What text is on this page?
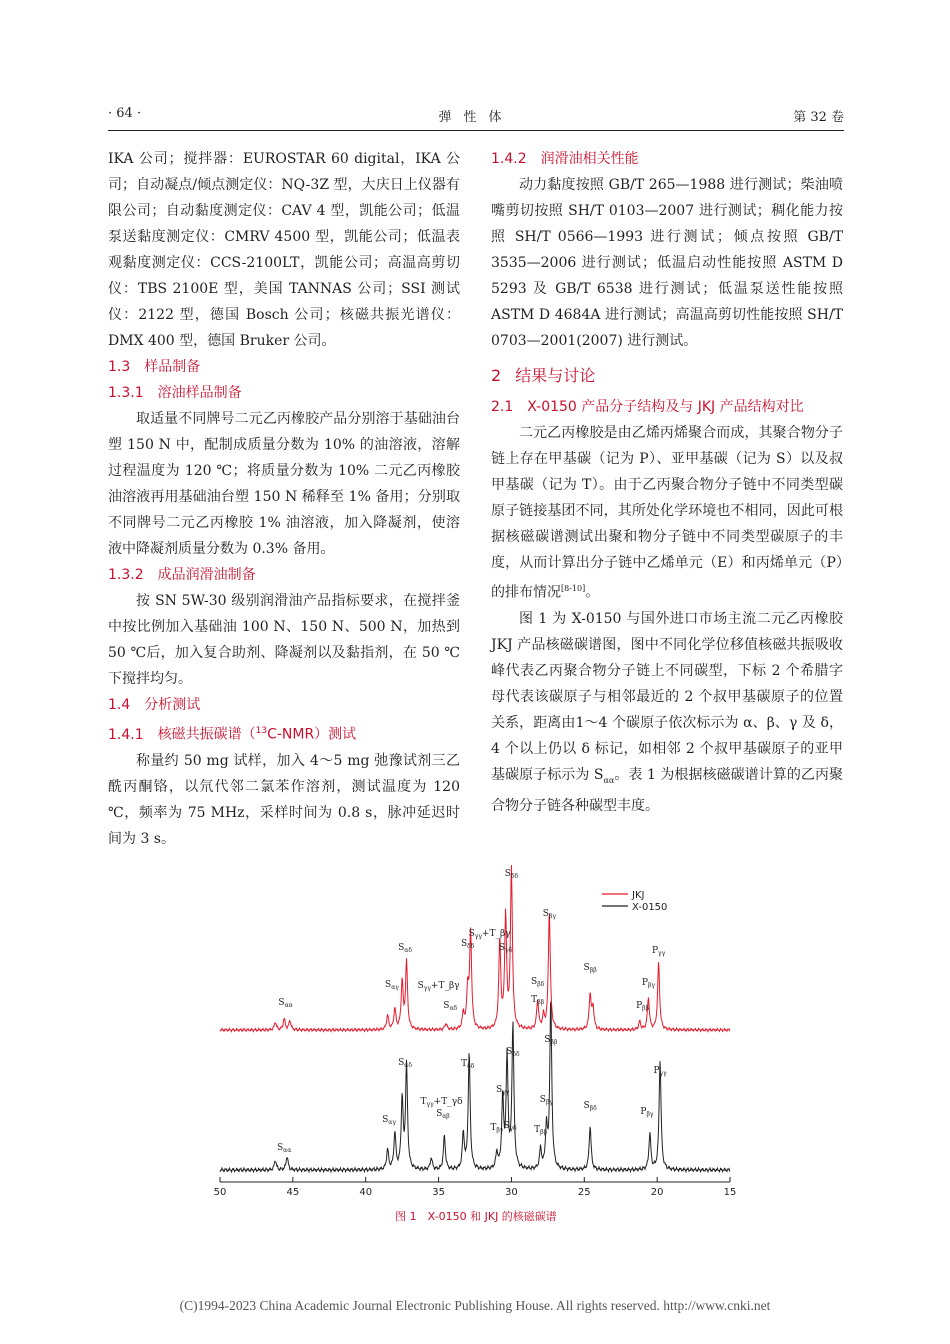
· 64 ·	弹性体	第 32 卷

IKA 公司；搅拌器：EUROSTAR 60 digital，IKA 公司；自动凝点/倾点测定仪：NQ-3Z 型，大庆日上仪器有限公司；自动黏度测定仪：CAV 4 型，凯能公司；低温泵送黏度测定仪：CMRV 4500 型，凯能公司；低温表观黏度测定仪：CCS-2100LT，凯能公司；高温高剪切仪：TBS 2100E 型，美国 TANNAS 公司；SSI 测试仪：2122 型，德国 Bosch 公司；核磁共振光谱仪：DMX 400 型，德国 Bruker 公司。

1.3 样品制备
1.3.1 溶油样品制备

取适量不同牌号二元乙丙橡胶产品分别溶于基础油台塑 150 N 中，配制成质量分数为 10% 的油溶液，溶解过程温度为 120 ℃；将质量分数为 10% 二元乙丙橡胶油溶液再用基础油台塑 150 N 稀释至 1% 备用；分别取不同牌号二元乙丙橡胶 1% 油溶液，加入降凝剂，使溶液中降凝剂质量分数为 0.3% 备用。

1.3.2 成品润滑油制备

按 SN 5W-30 级别润滑油产品指标要求，在搅拌釜中按比例加入基础油 100 N、150 N、500 N，加热到 50 ℃后，加入复合助剂、降凝剂以及黏指剂，在 50 ℃下搅拌均匀。

1.4 分析测试
1.4.1 核磁共振碳谱（$^{13}$C-NMR）测试

称量约 50 mg 试样，加入 4～5 mg 弛豫试剂三乙酰丙酮铬，以氘代邻二氯苯作溶剂，测试温度为 120 ℃，频率为 75 MHz，采样时间为 0.8 s，脉冲延迟时间为 3 s。

1.4.2 润滑油相关性能

动力黏度按照 GB/T 265—1988 进行测试；柴油喷嘴剪切按照 SH/T 0103—2007 进行测试；稠化能力按照 SH/T 0566—1993 进行测试；倾点按照 GB/T 3535—2006 进行测试；低温启动性能按照 ASTM D 5293 及 GB/T 6538 进行测试；低温泵送性能按照 ASTM D 4684A 进行测试；高温高剪切性能按照 SH/T 0703—2001(2007) 进行测试。

2 结果与讨论
2.1 X-0150 产品分子结构及与 JKJ 产品结构对比

二元乙丙橡胶是由乙烯丙烯聚合而成，其聚合物分子链上存在甲基碳（记为 P）、亚甲基碳（记为 S）以及叔甲基碳（记为 T）。由于乙丙聚合物分子链中不同类型碳原子链接基团不同，其所处化学环境也不相同，因此可根据核磁碳谱测试出聚和物分子链中不同类型碳原子的丰度，从而计算出分子链中乙烯单元（E）和丙烯单元（P）的排布情况[8-10]。

图 1 为 X-0150 与国外进口市场主流二元乙丙橡胶 JKJ 产品核磁碳谱图，图中不同化学位移值核磁共振吸收峰代表乙丙聚合物分子链上不同碳型，下标 2 个希腊字母代表该碳原子与相邻最近的 2 个叔甲基碳原子的位置关系，距离由1～4 个碳原子依次标示为 α、β、γ 及 δ，4 个以上仍以 δ 标记，如相邻 2 个叔甲基碳原子的亚甲基碳原子标示为 $S_{\alpha\alpha}$。表 1 为根据核磁碳谱计算的乙丙聚合物分子链各种碳型丰度。

50	45	40	35	30	25	20	15
JKJ
X-0150
$S_{\alpha\alpha}$
$S_{\alpha\gamma}$
$S_{\alpha\delta}$
$S_{\gamma\gamma}+T\_\beta\gamma$
$S_{\delta\delta}$
$S_{\alpha\delta}$
$S_{\gamma\gamma}+T\_\beta\gamma$
$S_{\gamma\delta}$
$S_{\delta\delta}$
$S_{\beta\delta}$
$T_{\beta\beta}$
$S_{\beta\gamma}$
$S_{\beta\beta}$
$P_{\beta\beta}$
$P_{\beta\gamma}$
$P_{\gamma\gamma}$
$S_{\alpha\alpha}$
$S_{\alpha\gamma}$
$S_{\alpha\delta}$
$T_{\gamma\gamma}+T\_\gamma\delta$
$S_{\alpha\beta}$
$T_{\delta\delta}$
$T_{\beta\gamma}$
$S_{\gamma\gamma}$
$S_{\gamma\delta}$
$S_{\delta\delta}$
$T_{\beta\beta}$
$S_{\beta\gamma}$
$S_{\beta\beta}$
$S_{\beta\delta}$	$P_{\beta\gamma}$
$P_{\gamma\gamma}$
图 1　X-0150 和 JKJ 的核磁碳谱
(C)1994-2023 China Academic Journal Electronic Publishing House. All rights reserved. http://www.cnki.net
